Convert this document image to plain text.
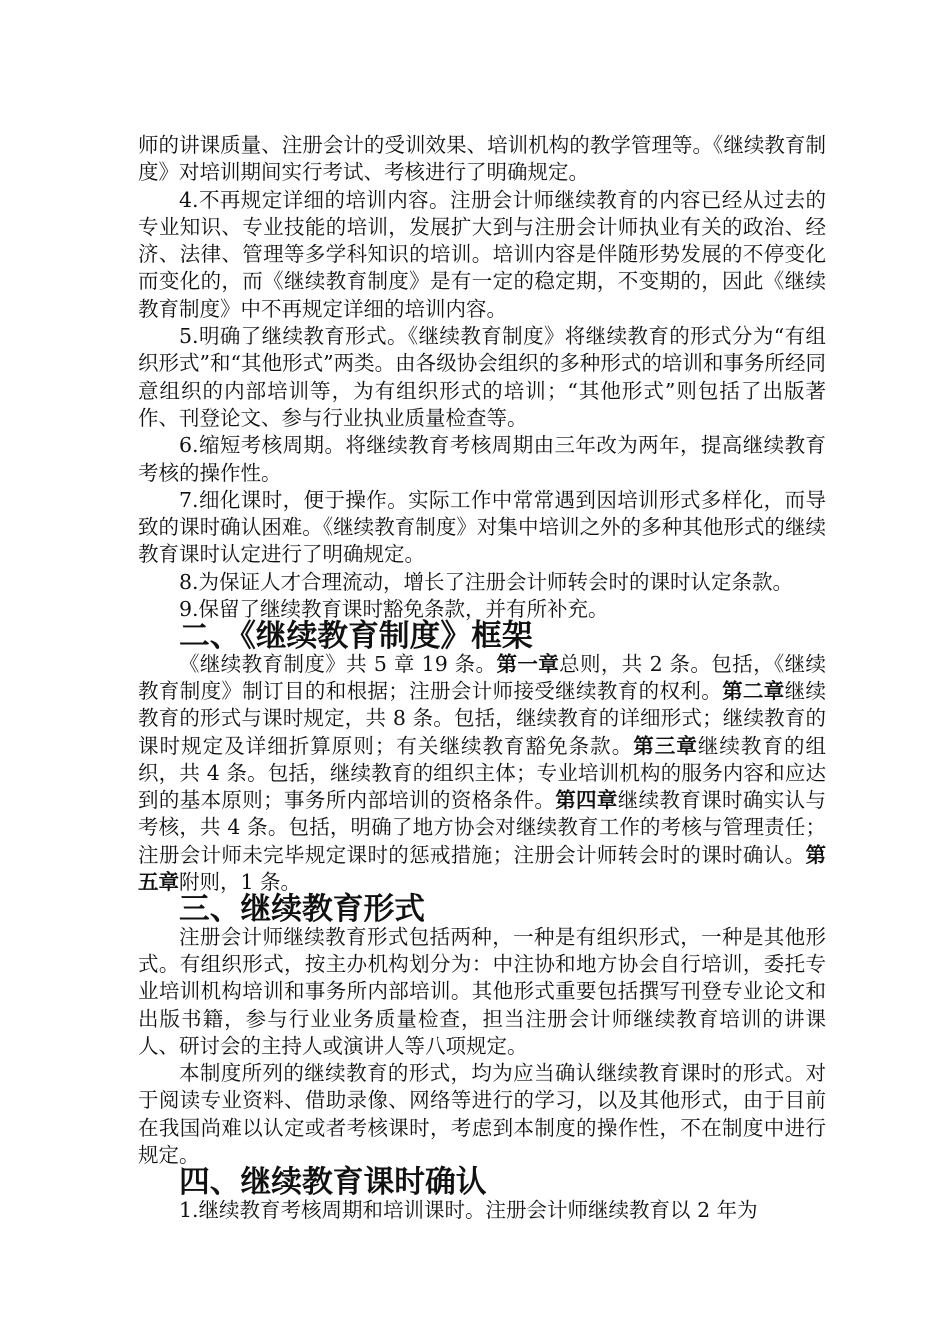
师的讲课质量、注册会计的受训效果、培训机构的教学管理等。《继续教育制度》对培训期间实行考试、考核进行了明确规定。

4.不再规定详细的培训内容。注册会计师继续教育的内容已经从过去的专业知识、专业技能的培训，发展扩大到与注册会计师执业有关的政治、经济、法律、管理等多学科知识的培训。培训内容是伴随形势发展的不停变化而变化的，而《继续教育制度》是有一定的稳定期，不变期的，因此《继续教育制度》中不再规定详细的培训内容。

5.明确了继续教育形式。《继续教育制度》将继续教育的形式分为“有组织形式”和“其他形式”两类。由各级协会组织的多种形式的培训和事务所经同意组织的内部培训等，为有组织形式的培训；“其他形式”则包括了出版著作、刊登论文、参与行业执业质量检查等。

6.缩短考核周期。将继续教育考核周期由三年改为两年，提高继续教育考核的操作性。

7.细化课时，便于操作。实际工作中常常遇到因培训形式多样化，而导致的课时确认困难。《继续教育制度》对集中培训之外的多种其他形式的继续教育课时认定进行了明确规定。

8.为保证人才合理流动，增长了注册会计师转会时的课时认定条款。

9.保留了继续教育课时豁免条款，并有所补充。

二、《继续教育制度》框架

《继续教育制度》共 5 章 19 条。第一章总则，共 2 条。包括，《继续教育制度》制订目的和根据；注册会计师接受继续教育的权利。第二章继续教育的形式与课时规定，共 8 条。包括，继续教育的详细形式；继续教育的课时规定及详细折算原则；有关继续教育豁免条款。第三章继续教育的组织，共 4 条。包括，继续教育的组织主体；专业培训机构的服务内容和应达到的基本原则；事务所内部培训的资格条件。第四章继续教育课时确实认与考核，共 4 条。包括，明确了地方协会对继续教育工作的考核与管理责任；注册会计师未完毕规定课时的惩戒措施；注册会计师转会时的课时确认。第五章附则，1 条。

三、继续教育形式

注册会计师继续教育形式包括两种，一种是有组织形式，一种是其他形式。有组织形式，按主办机构划分为：中注协和地方协会自行培训，委托专业培训机构培训和事务所内部培训。其他形式重要包括撰写刊登专业论文和出版书籍，参与行业业务质量检查，担当注册会计师继续教育培训的讲课人、研讨会的主持人或演讲人等八项规定。

本制度所列的继续教育的形式，均为应当确认继续教育课时的形式。对于阅读专业资料、借助录像、网络等进行的学习，以及其他形式，由于目前在我国尚难以认定或者考核课时，考虑到本制度的操作性，不在制度中进行规定。

四、继续教育课时确认

1.继续教育考核周期和培训课时。注册会计师继续教育以 2 年为
